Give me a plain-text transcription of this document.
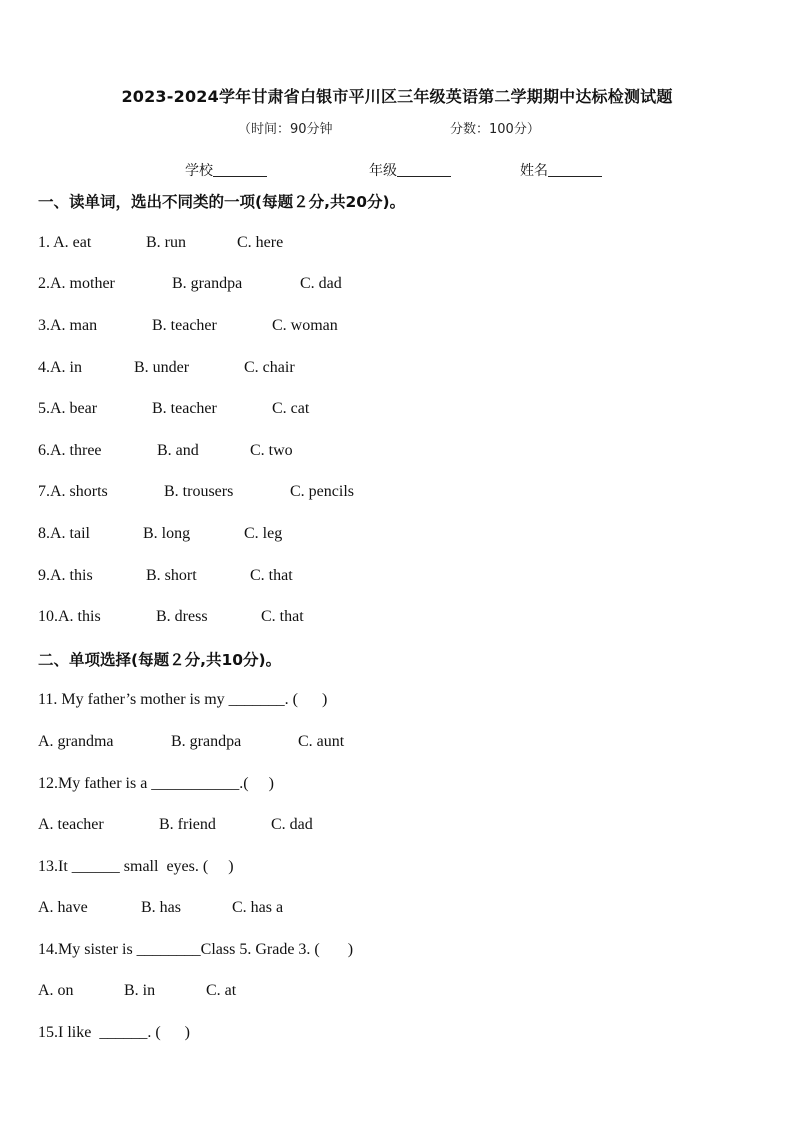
2023-2024学年甘肃省白银市平川区三年级英语第二学期期中达标检测试题
（时间：90分钟	分数：100分）
学校	年级	姓名
一、读单词，选出不同类的一项(每题２分,共20分)。
1. A. eat	B. run	C. here
2.A. mother	B. grandpa	C. dad
3.A. man	B. teacher	C. woman
4.A. in	B. under	C. chair
5.A. bear	B. teacher	C. cat
6.A. three	B. and	C. two
7.A. shorts	B. trousers	C. pencils
8.A. tail	B. long	C. leg
9.A. this	B. short	C. that
10.A. this	B. dress	C. that
二、单项选择(每题２分,共10分)。
11. My father’s mother is my _______. (      )
A. grandma	B. grandpa	C. aunt
12.My father is a ___________.(     )
A. teacher	B. friend	C. dad
13.It ______ small  eyes. (     )
A. have	B. has	C. has a
14.My sister is ________Class 5. Grade 3. (       )
A. on	B. in	C. at
15.I like  ______. (      )
